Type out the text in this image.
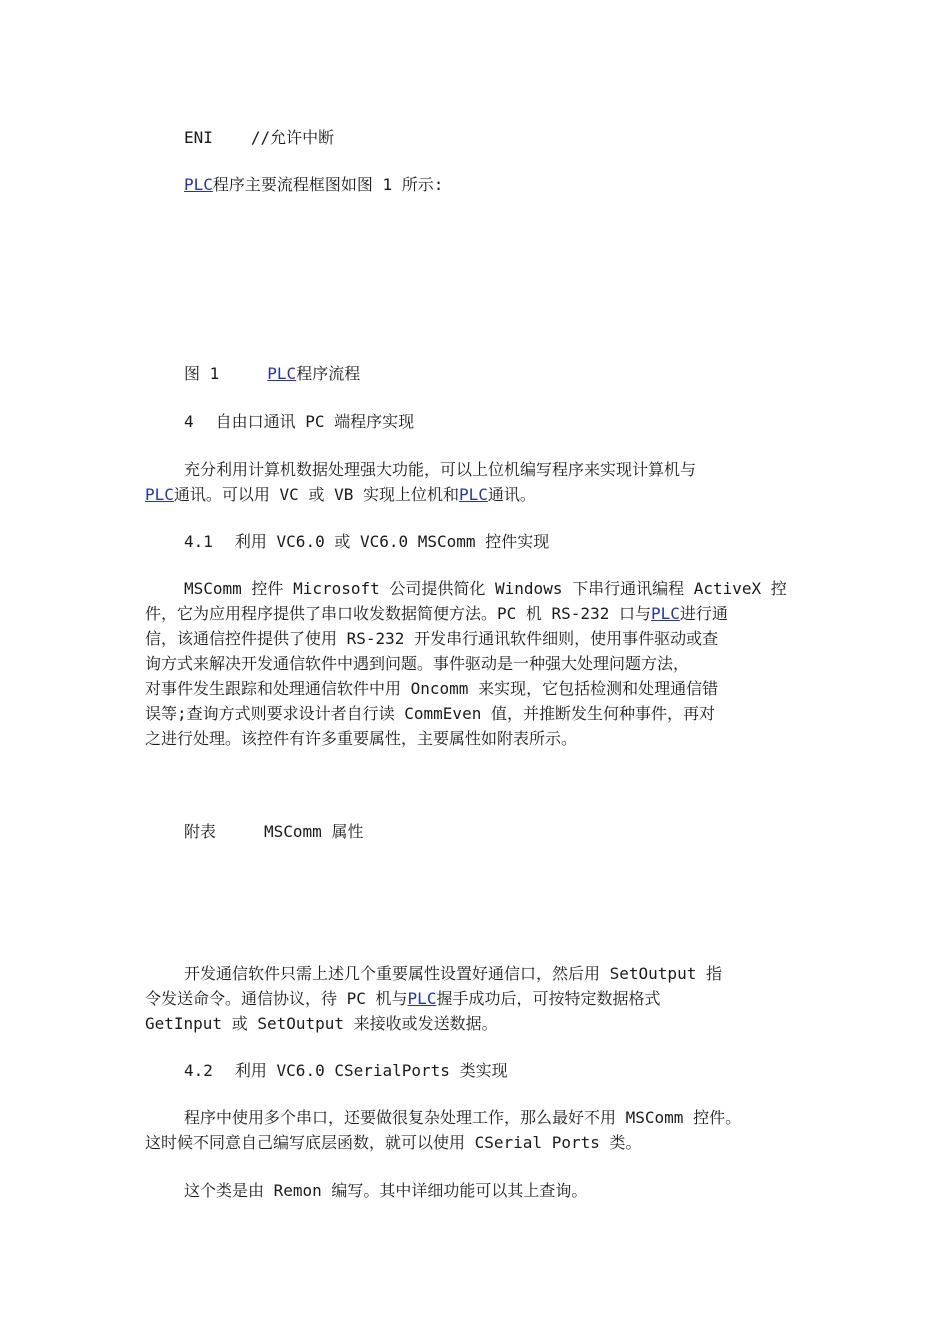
ENI //允许中断
PLC程序主要流程框图如图 1 所示:
图 1	PLC程序流程
4 自由口通讯 PC 端程序实现
充分利用计算机数据处理强大功能，可以上位机编写程序来实现计算机与
PLC通讯。可以用 VC 或 VB 实现上位机和PLC通讯。
4.1 利用 VC6.0 或 VC6.0 MSComm 控件实现
MSComm 控件 Microsoft 公司提供简化 Windows 下串行通讯编程 ActiveX 控
件，它为应用程序提供了串口收发数据简便方法。PC 机 RS-232 口与PLC进行通
信，该通信控件提供了使用 RS-232 开发串行通讯软件细则，使用事件驱动或查
询方式来解决开发通信软件中遇到问题。事件驱动是一种强大处理问题方法，
对事件发生跟踪和处理通信软件中用 Oncomm 来实现，它包括检测和处理通信错
误等;查询方式则要求设计者自行读 CommEven 值，并推断发生何种事件，再对
之进行处理。该控件有许多重要属性，主要属性如附表所示。
附表	MSComm 属性
开发通信软件只需上述几个重要属性设置好通信口，然后用 SetOutput 指
令发送命令。通信协议，待 PC 机与PLC握手成功后，可按特定数据格式
GetInput 或 SetOutput 来接收或发送数据。
4.2 利用 VC6.0 CSerialPorts 类实现
程序中使用多个串口，还要做很复杂处理工作，那么最好不用 MSComm 控件。
这时候不同意自己编写底层函数，就可以使用 CSerial Ports 类。
这个类是由 Remon 编写。其中详细功能可以其上查询。
